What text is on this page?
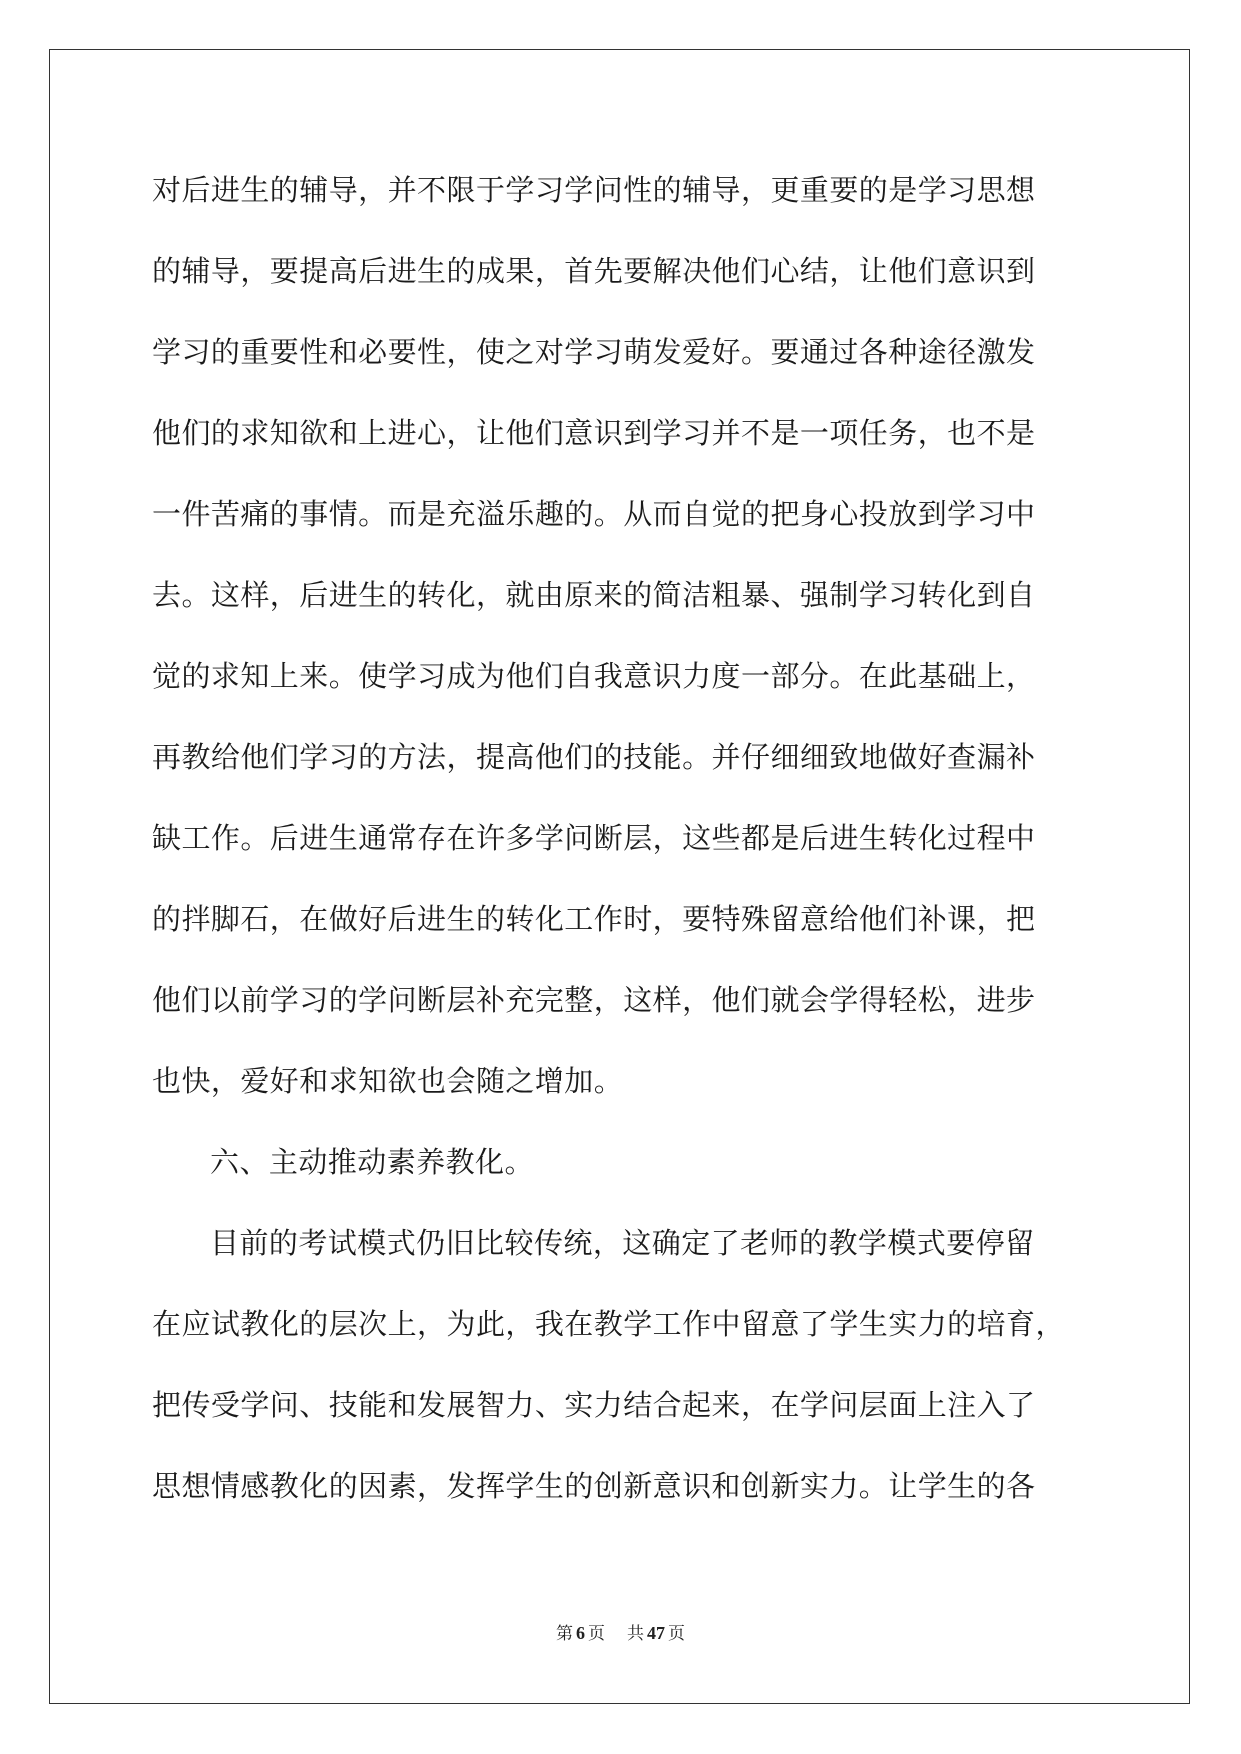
对后进生的辅导，并不限于学习学问性的辅导，更重要的是学习思想
的辅导，要提高后进生的成果，首先要解决他们心结，让他们意识到
学习的重要性和必要性，使之对学习萌发爱好。要通过各种途径激发
他们的求知欲和上进心，让他们意识到学习并不是一项任务，也不是
一件苦痛的事情。而是充溢乐趣的。从而自觉的把身心投放到学习中
去。这样，后进生的转化，就由原来的简洁粗暴、强制学习转化到自
觉的求知上来。使学习成为他们自我意识力度一部分。在此基础上，
再教给他们学习的方法，提高他们的技能。并仔细细致地做好查漏补
缺工作。后进生通常存在许多学问断层，这些都是后进生转化过程中
的拌脚石，在做好后进生的转化工作时，要特殊留意给他们补课，把
他们以前学习的学问断层补充完整，这样，他们就会学得轻松，进步
也快，爱好和求知欲也会随之增加。
六、主动推动素养教化。
目前的考试模式仍旧比较传统，这确定了老师的教学模式要停留
在应试教化的层次上，为此，我在教学工作中留意了学生实力的培育，
把传受学问、技能和发展智力、实力结合起来，在学问层面上注入了
思想情感教化的因素，发挥学生的创新意识和创新实力。让学生的各
第 6 页 共 47 页
